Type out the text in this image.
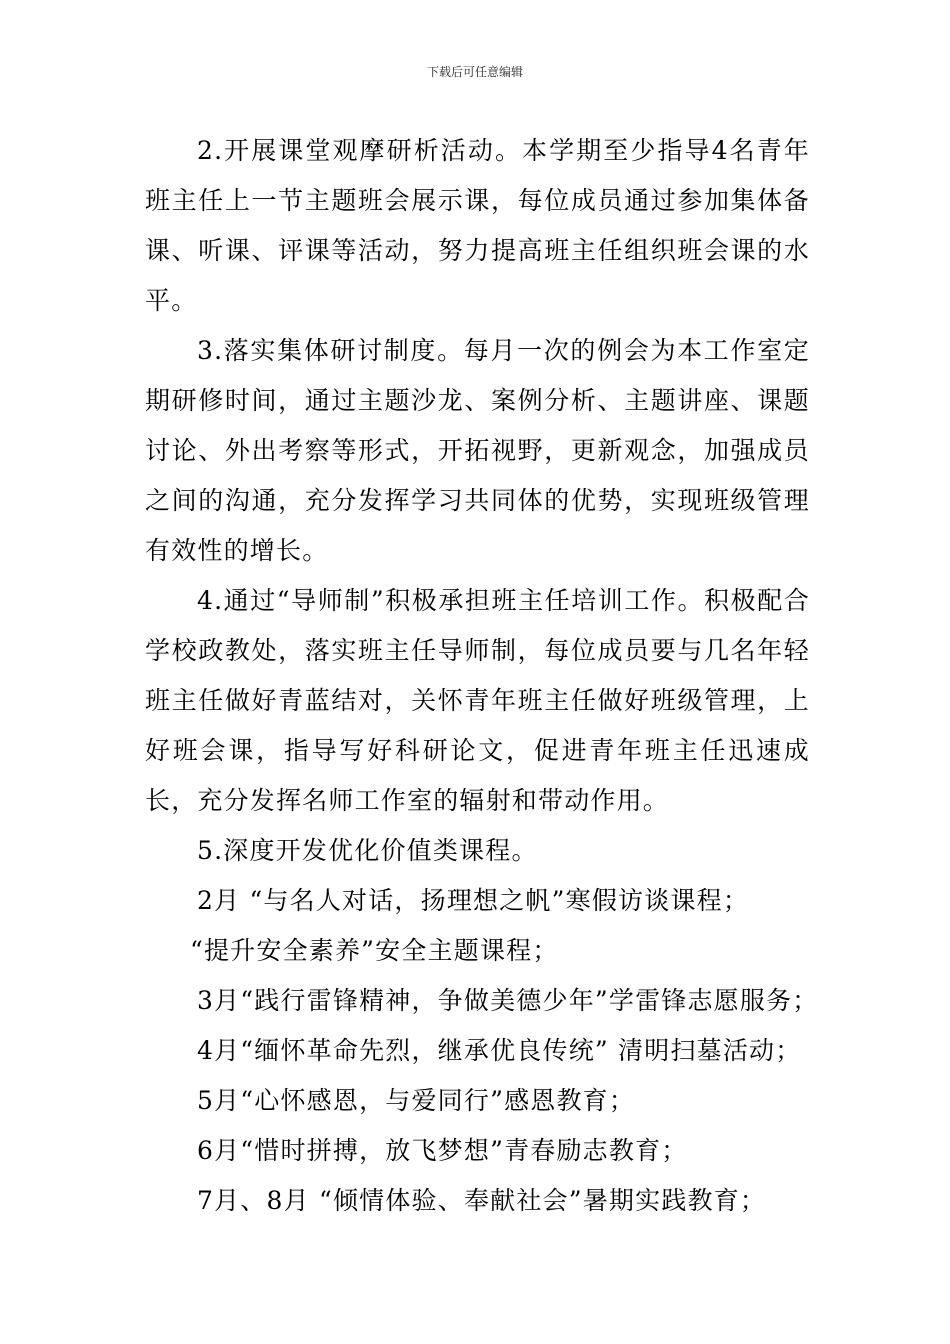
下载后可任意编辑

2.开展课堂观摩研析活动。本学期至少指导4名青年班主任上一节主题班会展示课，每位成员通过参加集体备课、听课、评课等活动，努力提高班主任组织班会课的水平。

3.落实集体研讨制度。每月一次的例会为本工作室定期研修时间，通过主题沙龙、案例分析、主题讲座、课题讨论、外出考察等形式，开拓视野，更新观念，加强成员之间的沟通，充分发挥学习共同体的优势，实现班级管理有效性的增长。

4.通过“导师制”积极承担班主任培训工作。积极配合学校政教处，落实班主任导师制，每位成员要与几名年轻班主任做好青蓝结对，关怀青年班主任做好班级管理，上好班会课，指导写好科研论文，促进青年班主任迅速成长，充分发挥名师工作室的辐射和带动作用。

5.深度开发优化价值类课程。

2月 “与名人对话，扬理想之帆”寒假访谈课程；

“提升安全素养”安全主题课程；

3月“践行雷锋精神，争做美德少年”学雷锋志愿服务；

4月“缅怀革命先烈，继承优良传统” 清明扫墓活动；

5月“心怀感恩，与爱同行”感恩教育；

6月“惜时拼搏，放飞梦想”青春励志教育；

7月、8月 “倾情体验、奉献社会”暑期实践教育；
